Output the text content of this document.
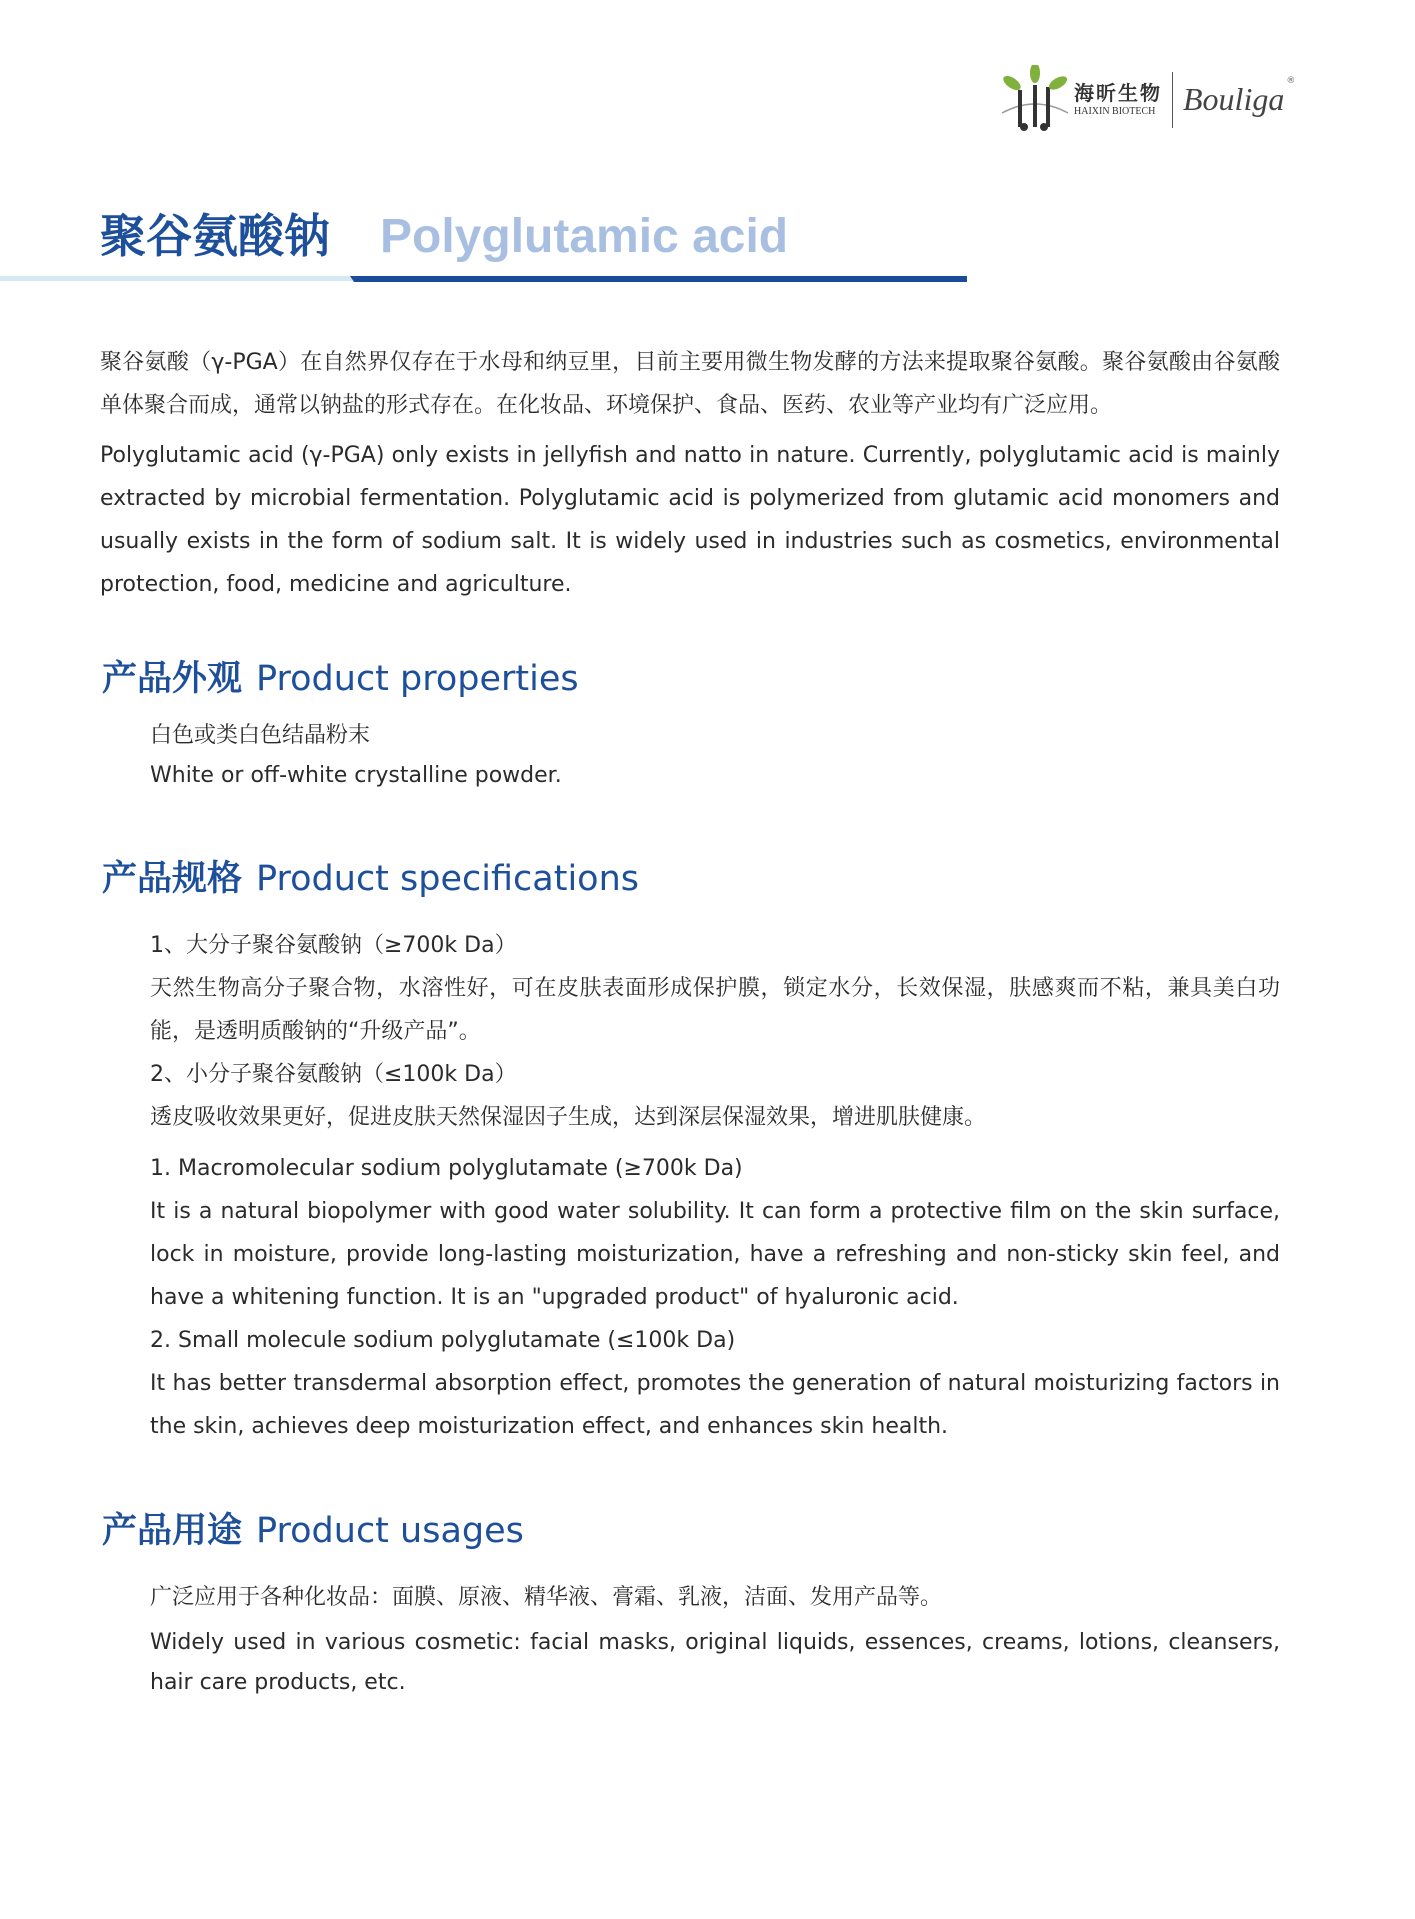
海昕生物
HAIXIN BIOTECH Bouliga ®
聚谷氨酸钠 Polyglutamic acid
聚谷氨酸（γ-PGA）在自然界仅存在于水母和纳豆里，目前主要用微生物发酵的方法来提取聚谷氨酸。聚谷氨酸由谷氨酸单体聚合而成，通常以钠盐的形式存在。在化妆品、环境保护、食品、医药、农业等产业均有广泛应用。
Polyglutamic acid (γ-PGA) only exists in jellyfish and natto in nature. Currently, polyglutamic acid is mainly extracted by microbial fermentation. Polyglutamic acid is polymerized from glutamic acid monomers and usually exists in the form of sodium salt. It is widely used in industries such as cosmetics, environmental protection, food, medicine and agriculture.
产品外观 Product properties
白色或类白色结晶粉末
White or off-white crystalline powder.
产品规格 Product specifications
1、大分子聚谷氨酸钠（≥700k Da）
天然生物高分子聚合物，水溶性好，可在皮肤表面形成保护膜，锁定水分，长效保湿，肤感爽而不粘，兼具美白功能，是透明质酸钠的“升级产品”。
2、小分子聚谷氨酸钠（≤100k Da）
透皮吸收效果更好，促进皮肤天然保湿因子生成，达到深层保湿效果，增进肌肤健康。
1. Macromolecular sodium polyglutamate (≥700k Da)
It is a natural biopolymer with good water solubility. It can form a protective film on the skin surface, lock in moisture, provide long-lasting moisturization, have a refreshing and non-sticky skin feel, and have a whitening function. It is an "upgraded product" of hyaluronic acid.
2. Small molecule sodium polyglutamate (≤100k Da)
It has better transdermal absorption effect, promotes the generation of natural moisturizing factors in the skin, achieves deep moisturization effect, and enhances skin health.
产品用途 Product usages
广泛应用于各种化妆品：面膜、原液、精华液、膏霜、乳液，洁面、发用产品等。
Widely used in various cosmetic: facial masks, original liquids, essences, creams, lotions, cleansers, hair care products, etc.
